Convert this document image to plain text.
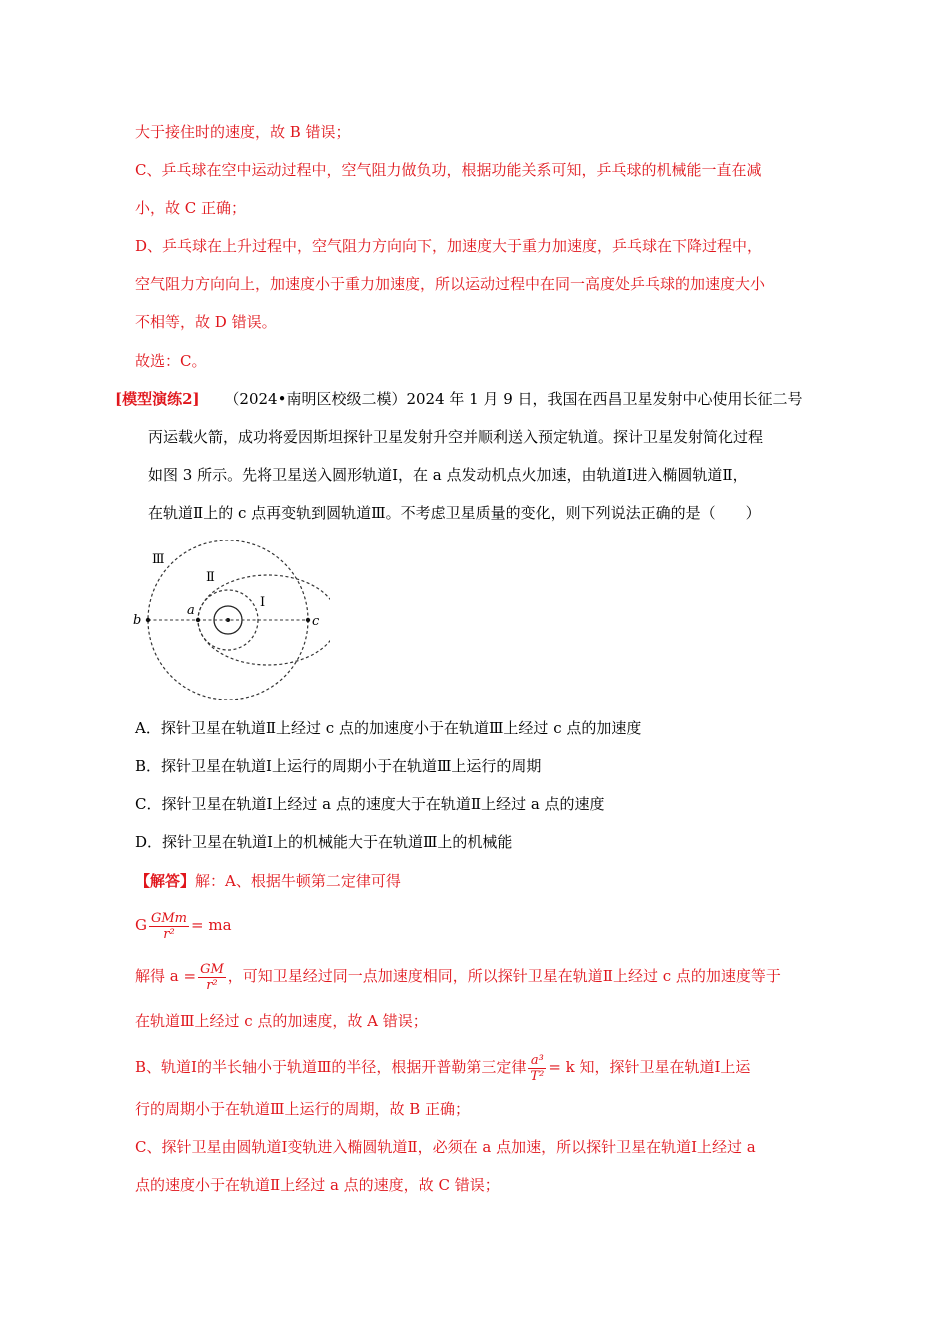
大于接住时的速度，故 B 错误；
C、乒乓球在空中运动过程中，空气阻力做负功，根据功能关系可知，乒乓球的机械能一直在减
小，故 C 正确；
D、乒乓球在上升过程中，空气阻力方向向下，加速度大于重力加速度，乒乓球在下降过程中，
空气阻力方向向上，加速度小于重力加速度，所以运动过程中在同一高度处乒乓球的加速度大小
不相等，故 D 错误。
故选：C。
[模型演练2] （2024•南明区校级二模）2024 年 1 月 9 日，我国在西昌卫星发射中心使用长征二号
丙运载火箭，成功将爱因斯坦探针卫星发射升空并顺利送入预定轨道。探计卫星发射简化过程
如图 3 所示。先将卫星送入圆形轨道Ⅰ，在 a 点发动机点火加速，由轨道Ⅰ进入椭圆轨道Ⅱ，
在轨道Ⅱ上的 c 点再变轨到圆轨道Ⅲ。不考虑卫星质量的变化，则下列说法正确的是（　　）
Ⅲ
Ⅱ
I
a
b	c
A．探针卫星在轨道Ⅱ上经过 c 点的加速度小于在轨道Ⅲ上经过 c 点的加速度
B．探针卫星在轨道Ⅰ上运行的周期小于在轨道Ⅲ上运行的周期
C．探针卫星在轨道Ⅰ上经过 a 点的速度大于在轨道Ⅱ上经过 a 点的速度
D．探针卫星在轨道Ⅰ上的机械能大于在轨道Ⅲ上的机械能
【解答】解：A、根据牛顿第二定律可得
G $\frac{\text{GMm}}{\text{r²}}$ = ma
解得 $a = \frac{GM}{\text{r²}}$ ，可知卫星经过同一点加速度相同，所以探针卫星在轨道Ⅱ上经过 c 点的加速度等于
在轨道Ⅲ上经过 c 点的加速度，故 A 错误；
B、轨道Ⅰ的半长轴小于轨道Ⅲ的半径，根据开普勒第三定律 $\frac{\text{a³}}{\text{T²}} = k$ 知，探针卫星在轨道Ⅰ上运
行的周期小于在轨道Ⅲ上运行的周期，故 B 正确；
C、探针卫星由圆轨道Ⅰ变轨进入椭圆轨道Ⅱ，必须在 a 点加速，所以探针卫星在轨道Ⅰ上经过 a
点的速度小于在轨道Ⅱ上经过 a 点的速度，故 C 错误；
